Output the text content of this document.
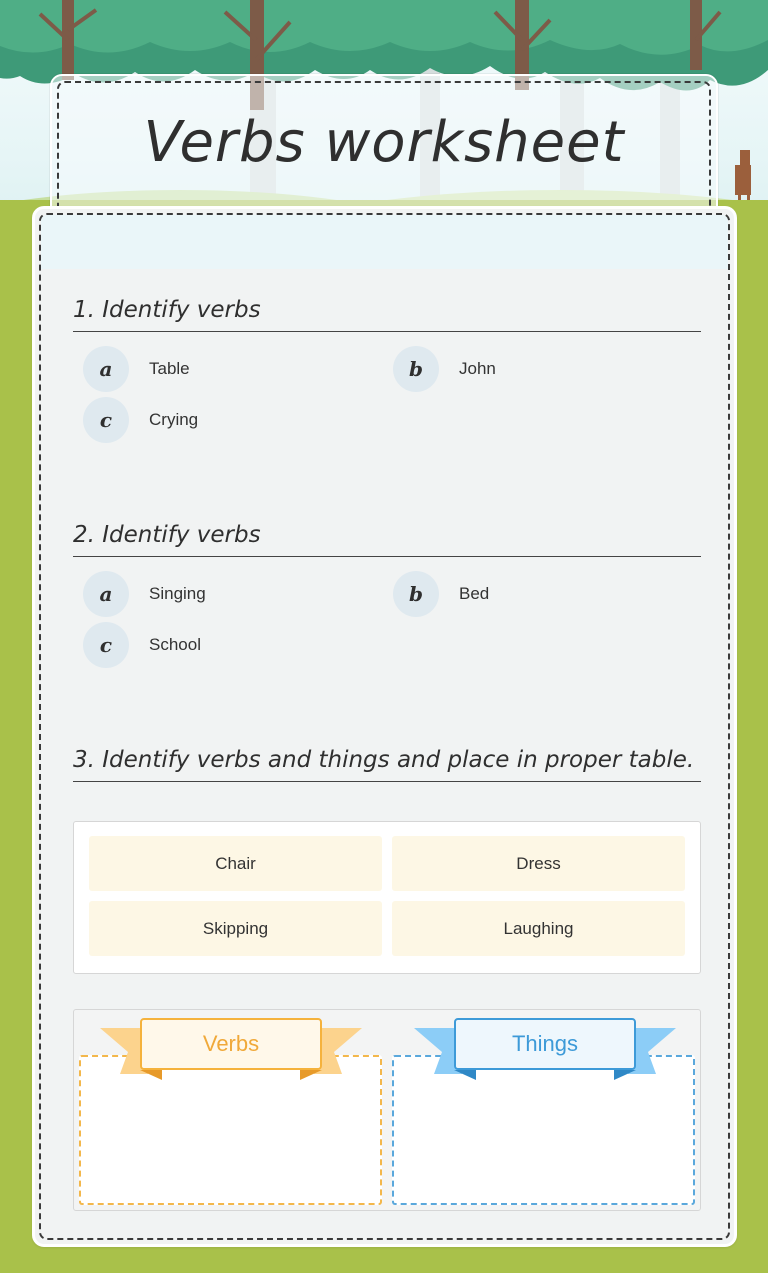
Verbs worksheet
1. Identify verbs
a	Table	b	John
c	Crying
2. Identify verbs
a	Singing	b	Bed
c	School
3. Identify verbs and things and place in proper table.
Chair	Dress
Skipping	Laughing
Verbs	Things
